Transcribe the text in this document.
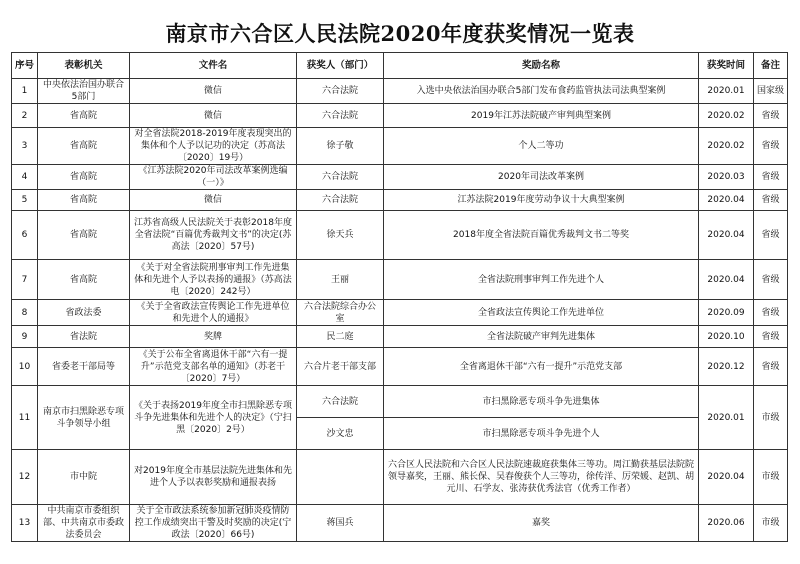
南京市六合区人民法院2020年度获奖情况一览表
序号	表彰机关	文件名	获奖人（部门）	奖励名称	获奖时间	备注
1	中央依法治国办联合5部门	微信	六合法院	入选中央依法治国办联合5部门发布食药监管执法司法典型案例	2020.01	国家级
2	省高院	微信	六合法院	2019年江苏法院破产审判典型案例	2020.02	省级
3	省高院	对全省法院2018-2019年度表现突出的集体和个人予以记功的决定（苏高法〔2020〕19号）	徐子敬	个人二等功	2020.02	省级
4	省高院	《江苏法院2020年司法改革案例选编（一）》	六合法院	2020年司法改革案例	2020.03	省级
5	省高院	微信	六合法院	江苏法院2019年度劳动争议十大典型案例	2020.04	省级
6	省高院	江苏省高级人民法院关于表彰2018年度全省法院“百篇优秀裁判文书”的决定(苏高法〔2020〕57号)	徐天兵	2018年度全省法院百篇优秀裁判文书二等奖	2020.04	省级
7	省高院	《关于对全省法院刑事审判工作先进集体和先进个人予以表扬的通报》（苏高法电〔2020〕242号）	王丽	全省法院刑事审判工作先进个人	2020.04	省级
8	省政法委	《关于全省政法宣传舆论工作先进单位和先进个人的通报》	六合法院综合办公室	全省政法宣传舆论工作先进单位	2020.09	省级
9	省法院	奖牌	民二庭	全省法院破产审判先进集体	2020.10	省级
10	省委老干部局等	《关于公布全省离退休干部“六有一提升”示范党支部名单的通知》（苏老干〔2020〕7号）	六合片老干部支部	全省离退休干部“六有一提升”示范党支部	2020.12	省级
11	南京市扫黑除恶专项斗争领导小组	《关于表扬2019年度全市扫黑除恶专项斗争先进集体和先进个人的决定》（宁扫黑〔2020〕2号）	六合法院	市扫黑除恶专项斗争先进集体	2020.01	市级
			沙文忠	市扫黑除恶专项斗争先进个人		
12	市中院	对2019年度全市基层法院先进集体和先进个人予以表彰奖励和通报表扬		六合区人民法院和六合区人民法院速裁庭获集体三等功。周江勤获基层法院院领导嘉奖，王丽、熊长保、吴春俊获个人三等功，徐传洋、厉荣媛、赵凯、胡元川、石学友、张涛获优秀法官（优秀工作者）	2020.04	市级
13	中共南京市委组织部、中共南京市委政法委员会	关于全市政法系统参加新冠肺炎疫情防控工作成绩突出干警及时奖励的决定(宁政法〔2020〕66号)	蒋国兵	嘉奖	2020.06	市级
